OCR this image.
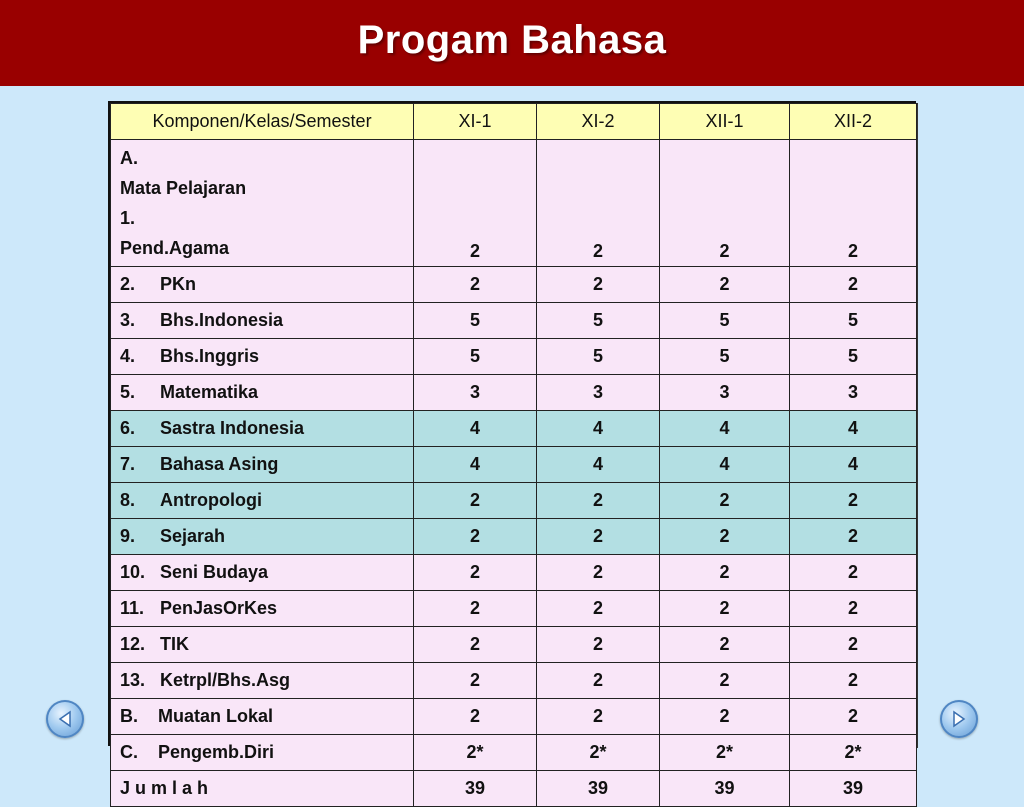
Progam Bahasa
Komponen/Kelas/Semester	XI-1	XI-2	XII-1	XII-2

A.
Mata Pelajaran
1.
Pend.Agama	2	2	2	2
2. PKn	2	2	2	2
3. Bhs.Indonesia	5	5	5	5
4. Bhs.Inggris	5	5	5	5
5. Matematika	3	3	3	3
6. Sastra Indonesia	4	4	4	4
7. Bahasa Asing	4	4	4	4
8. Antropologi	2	2	2	2
9. Sejarah	2	2	2	2
10. Seni Budaya	2	2	2	2
11. PenJasOrKes	2	2	2	2
12. TIK	2	2	2	2
13. Ketrpl/Bhs.Asg	2	2	2	2
B. Muatan Lokal	2	2	2	2
C. Pengemb.Diri	2*	2*	2*	2*
J u m l a h	39	39	39	39
